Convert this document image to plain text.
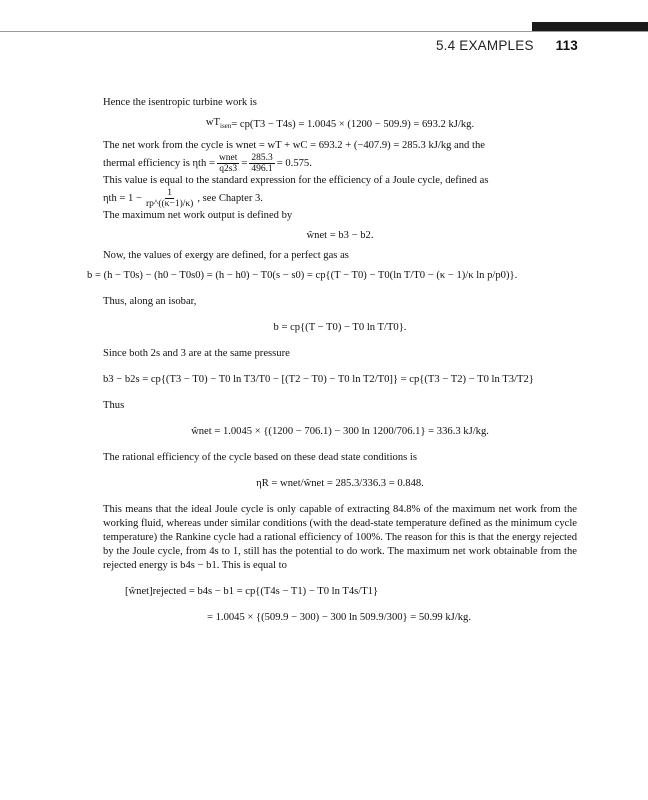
5.4 EXAMPLES 113

Hence the isentropic turbine work is

$wT_{isen} = cp(T3 - T4s) = 1.0045 \times (1200 - 509.9) = 693.2$ kJ/kg.

The net work from the cycle is wnet = wT + wC = 693.2 + (−407.9) = 285.3 kJ/kg and the

thermal efficiency is $\eta th = \frac{\text{wnet}}{q2s3} = \frac{285.3}{496.1} = 0.575$.

This value is equal to the standard expression for the efficiency of a Joule cycle, defined as

$\eta th = 1 - \frac{1}{rp\^{}((\kappa-1)/\kappa)}$ , see Chapter 3.

The maximum net work output is defined by

ŵnet = b3 − b2.

Now, the values of exergy are defined, for a perfect gas as

b = (h − T0s) − (h0 − T0s0) = (h − h0) − T0(s − s0) = cp{(T − T0) − T0(ln T/T0 − (κ − 1)/κ ln p/p0)}.

Thus, along an isobar,

b = cp{(T − T0) − T0 ln T/T0}.

Since both 2s and 3 are at the same pressure

b3 − b2s = cp{(T3 − T0) − T0 ln T3/T0 − [(T2 − T0) − T0 ln T2/T0]} = cp{(T3 − T2) − T0 ln T3/T2}

Thus

ŵnet = 1.0045 × {(1200 − 706.1) − 300 ln 1200/706.1} = 336.3 kJ/kg.

The rational efficiency of the cycle based on these dead state conditions is

ηR = wnet/ŵnet = 285.3/336.3 = 0.848.

This means that the ideal Joule cycle is only capable of extracting 84.8% of the maximum net work from the working fluid, whereas under similar conditions (with the dead-state temperature defined as the minimum cycle temperature) the Rankine cycle had a rational efficiency of 100%. The reason for this is that the energy rejected by the Joule cycle, from 4s to 1, still has the potential to do work. The maximum net work obtainable from the rejected energy is b4s − b1. This is equal to

[ŵnet]rejected = b4s − b1 = cp{(T4s − T1) − T0 ln T4s/T1}
= 1.0045 × {(509.9 − 300) − 300 ln 509.9/300} = 50.99 kJ/kg.
